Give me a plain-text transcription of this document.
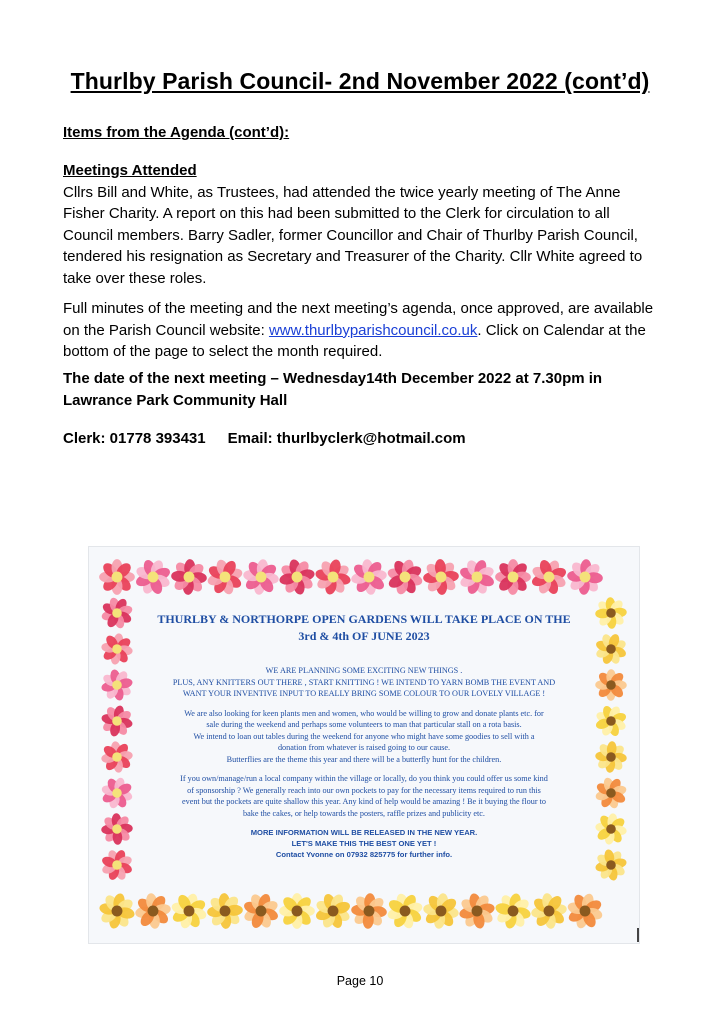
Thurlby Parish Council- 2nd November 2022 (cont’d)
Items from the Agenda (cont’d):
Meetings Attended
Cllrs Bill and White, as Trustees, had attended the twice yearly meeting of The Anne Fisher Charity. A report on this had been submitted to the Clerk for circulation to all Council members. Barry Sadler, former Councillor and Chair of Thurlby Parish Council, tendered his resignation as Secretary and Treasurer of the Charity. Cllr White agreed to take over these roles.
Full minutes of the meeting and the next meeting’s agenda, once approved, are available on the Parish Council website: www.thurlbyparishcouncil.co.uk. Click on Calendar at the bottom of the page to select the month required.
The date of the next meeting – Wednesday14th December 2022 at 7.30pm in Lawrance Park Community Hall
Clerk: 01778 393431 Email: thurlbyclerk@hotmail.com
THURLBY & NORTHORPE OPEN GARDENS WILL TAKE PLACE ON THE
3rd & 4th OF JUNE 2023
WE ARE PLANNING SOME EXCITING NEW THINGS .
PLUS, ANY KNITTERS OUT THERE , START KNITTING ! WE INTEND TO YARN BOMB THE EVENT AND
WANT YOUR INVENTIVE INPUT TO REALLY BRING SOME COLOUR TO OUR LOVELY VILLAGE !
We are also looking for keen plants men and women, who would be willing to grow and donate plants etc. for
sale during the weekend and perhaps some volunteers to man that particular stall on a rota basis.
We intend to loan out tables during the weekend for anyone who might have some goodies to sell with a
donation from whatever is raised going to our cause.
Butterflies are the theme this year and there will be a butterfly hunt for the children.
If you own/manage/run a local company within the village or locally, do you think you could offer us some kind
of sponsorship ? We generally reach into our own pockets to pay for the necessary items required to run this
event but the pockets are quite shallow this year. Any kind of help would be amazing ! Be it buying the flour to
bake the cakes, or help towards the posters, raffle prizes and publicity etc.
MORE INFORMATION WILL BE RELEASED IN THE NEW YEAR.
LET'S MAKE THIS THE BEST ONE YET !
Contact Yvonne on 07932 825775 for further info.
Page 10
